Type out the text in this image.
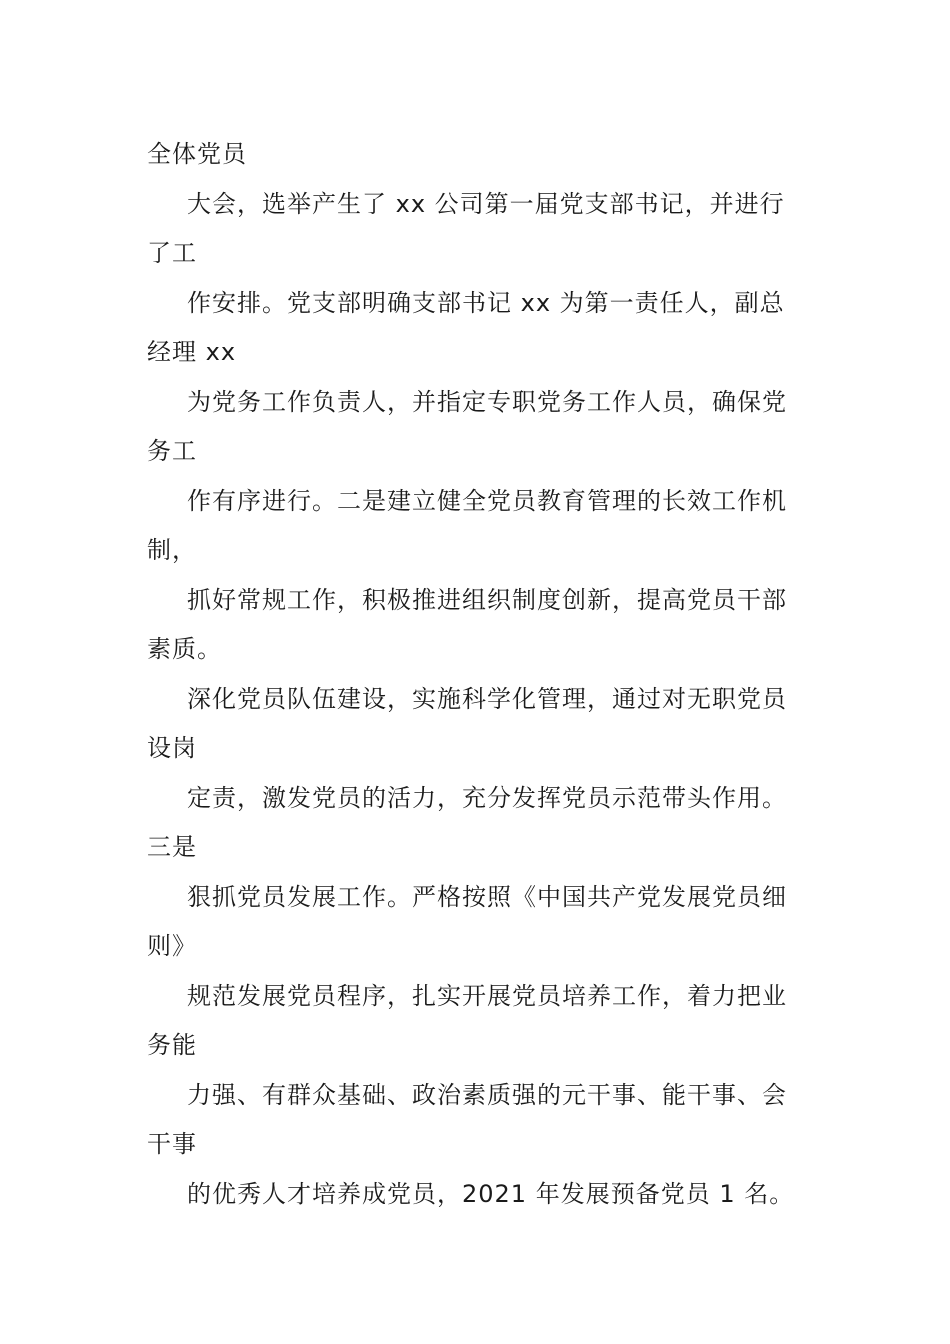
全体党员
大会，选举产生了 xx 公司第一届党支部书记，并进行
了工
作安排。党支部明确支部书记 xx 为第一责任人，副总
经理 xx
为党务工作负责人，并指定专职党务工作人员，确保党
务工
作有序进行。二是建立健全党员教育管理的长效工作机
制，
抓好常规工作，积极推进组织制度创新，提高党员干部
素质。
深化党员队伍建设，实施科学化管理，通过对无职党员
设岗
定责，激发党员的活力，充分发挥党员示范带头作用。
三是
狠抓党员发展工作。严格按照《中国共产党发展党员细
则》
规范发展党员程序，扎实开展党员培养工作，着力把业
务能
力强、有群众基础、政治素质强的元干事、能干事、会
干事
的优秀人才培养成党员，2021 年发展预备党员 1 名。
